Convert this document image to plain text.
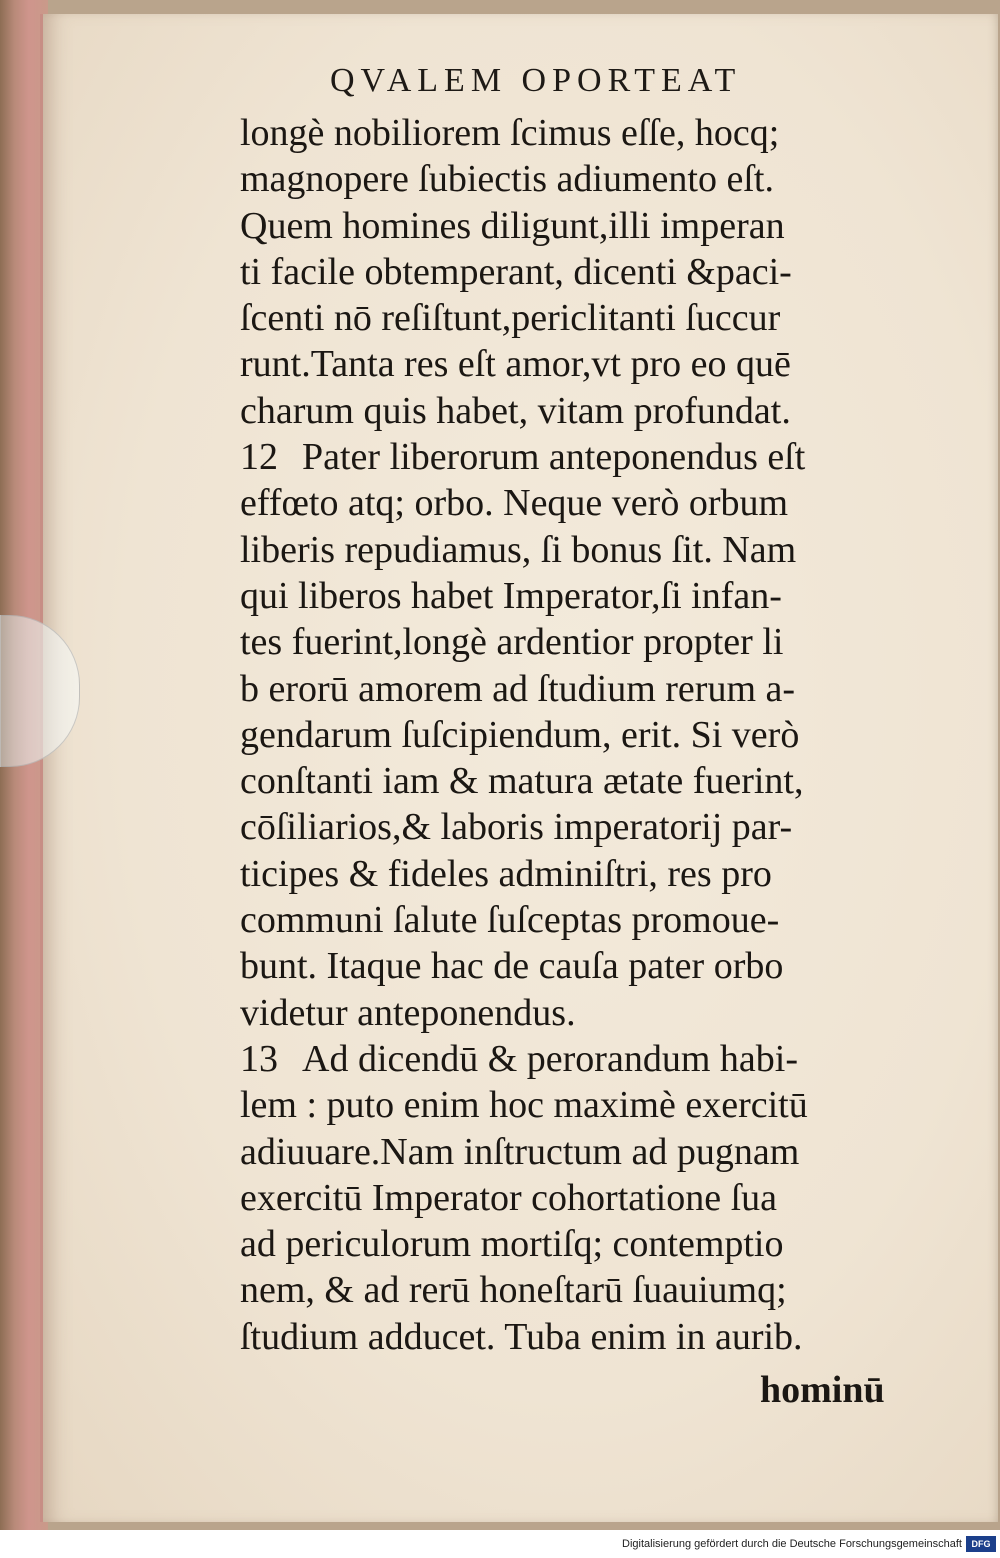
QVALEM OPORTEAT
longè nobiliorem ſcimus eſſe, hocq;
magnopere ſubiectis adiumento eſt.
Quem homines diligunt,illi imperan
ti facile obtemperant, dicenti &paci-
ſcenti nō reſiſtunt,periclitanti ſuccur
runt.Tanta res eſt amor,vt pro eo quē
charum quis habet, vitam profundat.
12 Pater liberorum anteponendus eſt
effœto atq; orbo. Neque verò orbum
liberis repudiamus, ſi bonus ſit. Nam
qui liberos habet Imperator,ſi infan-
tes fuerint,longè ardentior propter li
b erorū amorem ad ſtudium rerum a-
gendarum ſuſcipiendum, erit. Si verò
conſtanti iam & matura ætate fuerint,
cōſiliarios,& laboris imperatorij par-
ticipes & fideles adminiſtri, res pro
communi ſalute ſuſceptas promoue-
bunt. Itaque hac de cauſa pater orbo
videtur anteponendus.
13 Ad dicendū & perorandum habi-
lem : puto enim hoc maximè exercitū
adiuuare.Nam inſtructum ad pugnam
exercitū Imperator cohortatione ſua
ad periculorum mortiſq; contemptio
nem, & ad rerū honeſtarū ſuauiumq;
ſtudium adducet. Tuba enim in aurib.
hominū
Digitalisierung gefördert durch die Deutsche Forschungsgemeinschaft	DFG
